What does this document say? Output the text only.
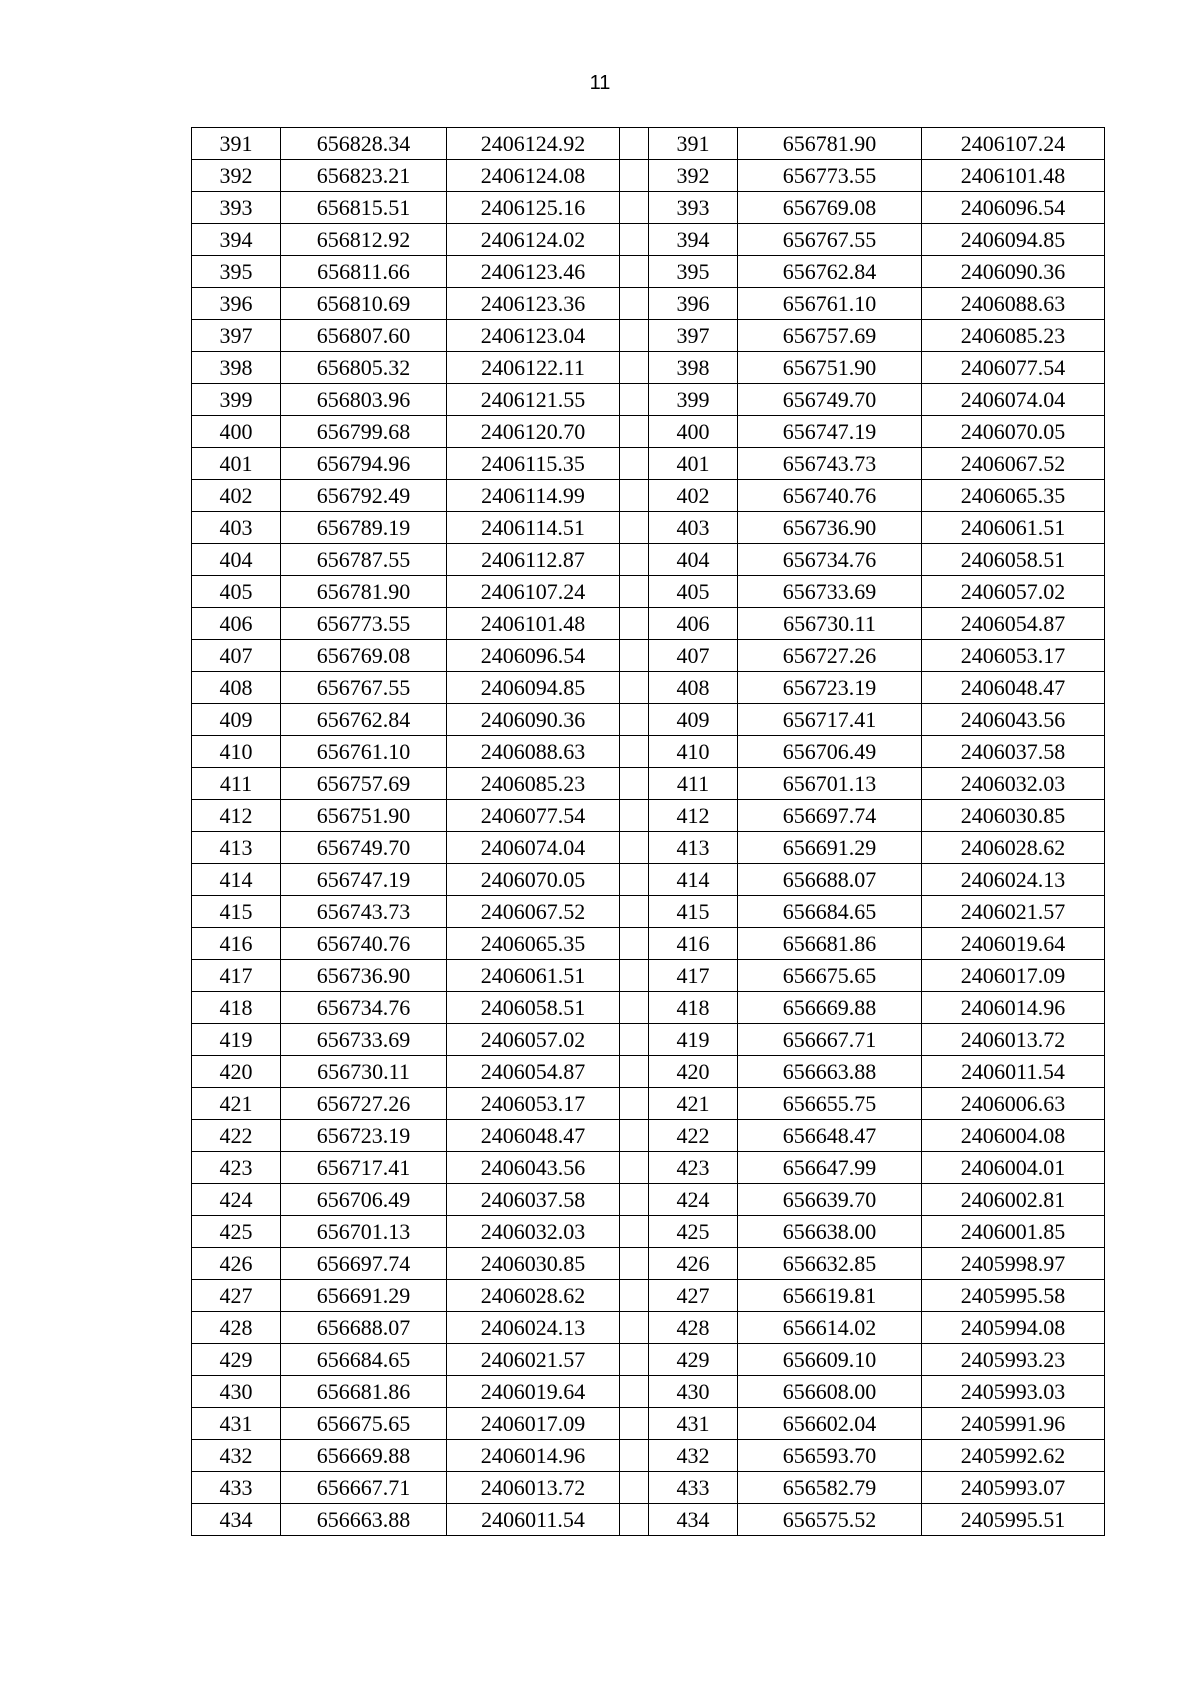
11
391	656828.34	2406124.92		391	656781.90	2406107.24
392	656823.21	2406124.08		392	656773.55	2406101.48
393	656815.51	2406125.16		393	656769.08	2406096.54
394	656812.92	2406124.02		394	656767.55	2406094.85
395	656811.66	2406123.46		395	656762.84	2406090.36
396	656810.69	2406123.36		396	656761.10	2406088.63
397	656807.60	2406123.04		397	656757.69	2406085.23
398	656805.32	2406122.11		398	656751.90	2406077.54
399	656803.96	2406121.55		399	656749.70	2406074.04
400	656799.68	2406120.70		400	656747.19	2406070.05
401	656794.96	2406115.35		401	656743.73	2406067.52
402	656792.49	2406114.99		402	656740.76	2406065.35
403	656789.19	2406114.51		403	656736.90	2406061.51
404	656787.55	2406112.87		404	656734.76	2406058.51
405	656781.90	2406107.24		405	656733.69	2406057.02
406	656773.55	2406101.48		406	656730.11	2406054.87
407	656769.08	2406096.54		407	656727.26	2406053.17
408	656767.55	2406094.85		408	656723.19	2406048.47
409	656762.84	2406090.36		409	656717.41	2406043.56
410	656761.10	2406088.63		410	656706.49	2406037.58
411	656757.69	2406085.23		411	656701.13	2406032.03
412	656751.90	2406077.54		412	656697.74	2406030.85
413	656749.70	2406074.04		413	656691.29	2406028.62
414	656747.19	2406070.05		414	656688.07	2406024.13
415	656743.73	2406067.52		415	656684.65	2406021.57
416	656740.76	2406065.35		416	656681.86	2406019.64
417	656736.90	2406061.51		417	656675.65	2406017.09
418	656734.76	2406058.51		418	656669.88	2406014.96
419	656733.69	2406057.02		419	656667.71	2406013.72
420	656730.11	2406054.87		420	656663.88	2406011.54
421	656727.26	2406053.17		421	656655.75	2406006.63
422	656723.19	2406048.47		422	656648.47	2406004.08
423	656717.41	2406043.56		423	656647.99	2406004.01
424	656706.49	2406037.58		424	656639.70	2406002.81
425	656701.13	2406032.03		425	656638.00	2406001.85
426	656697.74	2406030.85		426	656632.85	2405998.97
427	656691.29	2406028.62		427	656619.81	2405995.58
428	656688.07	2406024.13		428	656614.02	2405994.08
429	656684.65	2406021.57		429	656609.10	2405993.23
430	656681.86	2406019.64		430	656608.00	2405993.03
431	656675.65	2406017.09		431	656602.04	2405991.96
432	656669.88	2406014.96		432	656593.70	2405992.62
433	656667.71	2406013.72		433	656582.79	2405993.07
434	656663.88	2406011.54		434	656575.52	2405995.51
